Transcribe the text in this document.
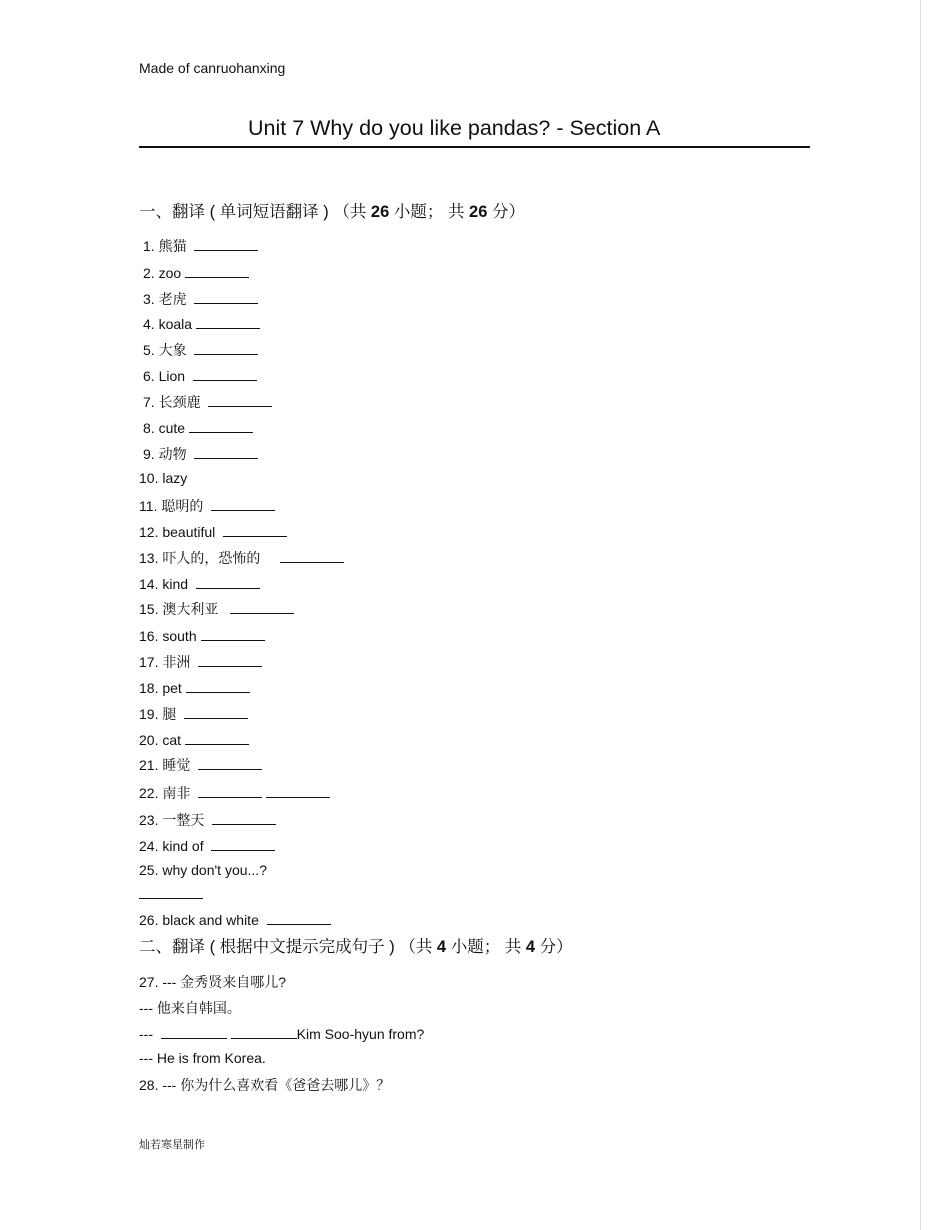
Made of canruohanxing
Unit 7 Why do you like pandas? - Section A
一、翻译 ( 单词短语翻译 ) （共 26 小题； 共 26 分）
1. 熊猫
2. zoo
3. 老虎
4. koala
5. 大象
6. Lion
7. 长颈鹿
8. cute
9. 动物
10. lazy
11. 聪明的
12. beautiful
13. 吓人的，恐怖的
14. kind
15. 澳大利亚
16. south
17. 非洲
18. pet
19. 腿
20. cat
21. 睡觉
22. 南非
23. 一整天
24. kind of
25. why don't you...?
26. black and white
二、翻译 ( 根据中文提示完成句子 ) （共 4 小题； 共 4 分）
27. --- 金秀贤来自哪儿?
--- 他来自韩国。
---	Kim Soo-hyun from?
--- He is from Korea.
28. --- 你为什么喜欢看《爸爸去哪儿》？
灿若寒星制作
